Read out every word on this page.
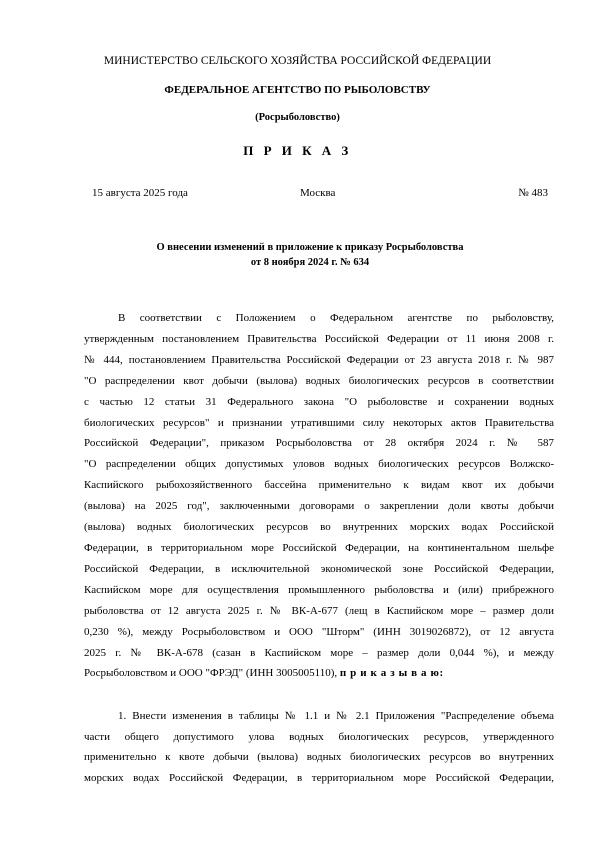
МИНИСТЕРСТВО СЕЛЬСКОГО ХОЗЯЙСТВА РОССИЙСКОЙ ФЕДЕРАЦИИ
ФЕДЕРАЛЬНОЕ АГЕНТСТВО ПО РЫБОЛОВСТВУ
(Росрыболовство)
П Р И К А З
15 августа 2025 года	Москва	№ 483
О внесении изменений в приложение к приказу Росрыболовства
от 8 ноября 2024 г. № 634
В соответствии с Положением о Федеральном агентстве по рыболовству,
утвержденным постановлением Правительства Российской Федерации от 11 июня 2008 г.
№ 444, постановлением Правительства Российской Федерации от 23 августа 2018 г. № 987
"О распределении квот добычи (вылова) водных биологических ресурсов в соответствии
с частью 12 статьи 31 Федерального закона "О рыболовстве и сохранении водных
биологических ресурсов" и признании утратившими силу некоторых актов Правительства
Российской Федерации", приказом Росрыболовства от 28 октября 2024 г. № 587
"О распределении общих допустимых уловов водных биологических ресурсов Волжско-
Каспийского рыбохозяйственного бассейна применительно к видам квот их добычи
(вылова) на 2025 год", заключенными договорами о закреплении доли квоты добычи
(вылова) водных биологических ресурсов во внутренних морских водах Российской
Федерации, в территориальном море Российской Федерации, на континентальном шельфе
Российской Федерации, в исключительной экономической зоне Российской Федерации,
Каспийском море для осуществления промышленного рыболовства и (или) прибрежного
рыболовства от 12 августа 2025 г. № ВК-А-677 (лещ в Каспийском море – размер доли
0,230 %), между Росрыболовством и ООО "Шторм" (ИНН 3019026872), от 12 августа
2025 г. № ВК-А-678 (сазан в Каспийском море – размер доли 0,044 %), и между
Росрыболовством и ООО "ФРЭД" (ИНН 3005005110), п р и к а з ы в а ю:
1. Внести изменения в таблицы № 1.1 и № 2.1 Приложения "Распределение объема
части общего допустимого улова водных биологических ресурсов, утвержденного
применительно к квоте добычи (вылова) водных биологических ресурсов во внутренних
морских водах Российской Федерации, в территориальном море Российской Федерации,
